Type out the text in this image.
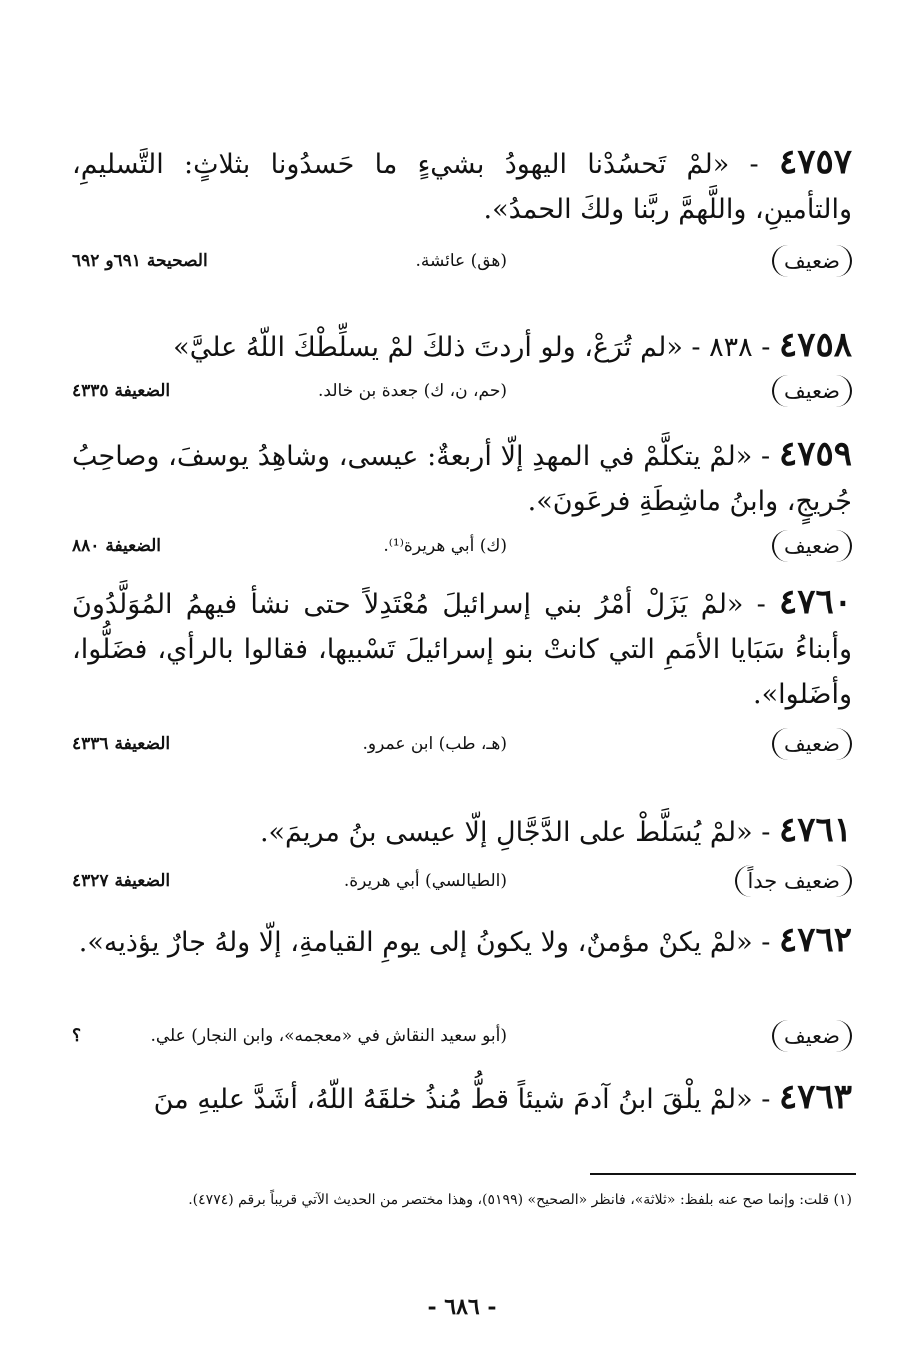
٤٧٥٧ - «لمْ تَحسُدْنا اليهودُ بشيءٍ ما حَسدُونا بثلاثٍ: التَّسليمِ، والتأمينِ، واللَّهمَّ ربَّنا ولكَ الحمدُ».

ضعيف
(هق) عائشة.
الصحيحة ٦٩١و ٦٩٢

٤٧٥٨ - ٨٣٨ - «لم تُرَعْ، ولو أردتَ ذلكَ لمْ يسلِّطْكَ اللّهُ عليَّ»

ضعيف
(حم، ن، ك) جعدة بن خالد.
الضعيفة ٤٣٣٥

٤٧٥٩ - «لمْ يتكلَّمْ في المهدِ إلّا أربعةٌ: عيسى، وشاهِدُ يوسفَ، وصاحِبُ جُريجٍ، وابنُ ماشِطَةِ فرعَونَ».

ضعيف
(ك) أبي هريرة⁽¹⁾.
الضعيفة ٨٨٠

٤٧٦٠ - «لمْ يَزَلْ أمْرُ بني إسرائيلَ مُعْتَدِلاً حتى نشأ فيهمُ المُوَلَّدُونَ وأبناءُ سَبَايا الأمَمِ التي كانتْ بنو إسرائيلَ تَسْبيها، فقالوا بالرأي، فضَلُّوا، وأضَلوا».

ضعيف
(هـ، طب) ابن عمرو.
الضعيفة ٤٣٣٦

٤٧٦١ - «لمْ يُسَلَّطْ على الدَّجَّالِ إلّا عيسى بنُ مريمَ».

ضعيف جداً
(الطيالسي) أبي هريرة.
الضعيفة ٤٣٢٧

٤٧٦٢ - «لمْ يكنْ مؤمنٌ، ولا يكونُ إلى يومِ القيامةِ، إلّا ولهُ جارٌ يؤذيه».

ضعيف
(أبو سعيد النقاش في «معجمه»، وابن النجار) علي.
؟

٤٧٦٣ - «لمْ يلْقَ ابنُ آدمَ شيئاً قطُّ مُنذُ خلقَهُ اللّهُ، أشَدَّ عليهِ منَ

(١) قلت: وإنما صح عنه بلفظ: «ثلاثة»، فانظر «الصحيح» (٥١٩٩)، وهذا مختصر من الحديث الآتي قريباً برقم (٤٧٧٤).
- ٦٨٦ -
